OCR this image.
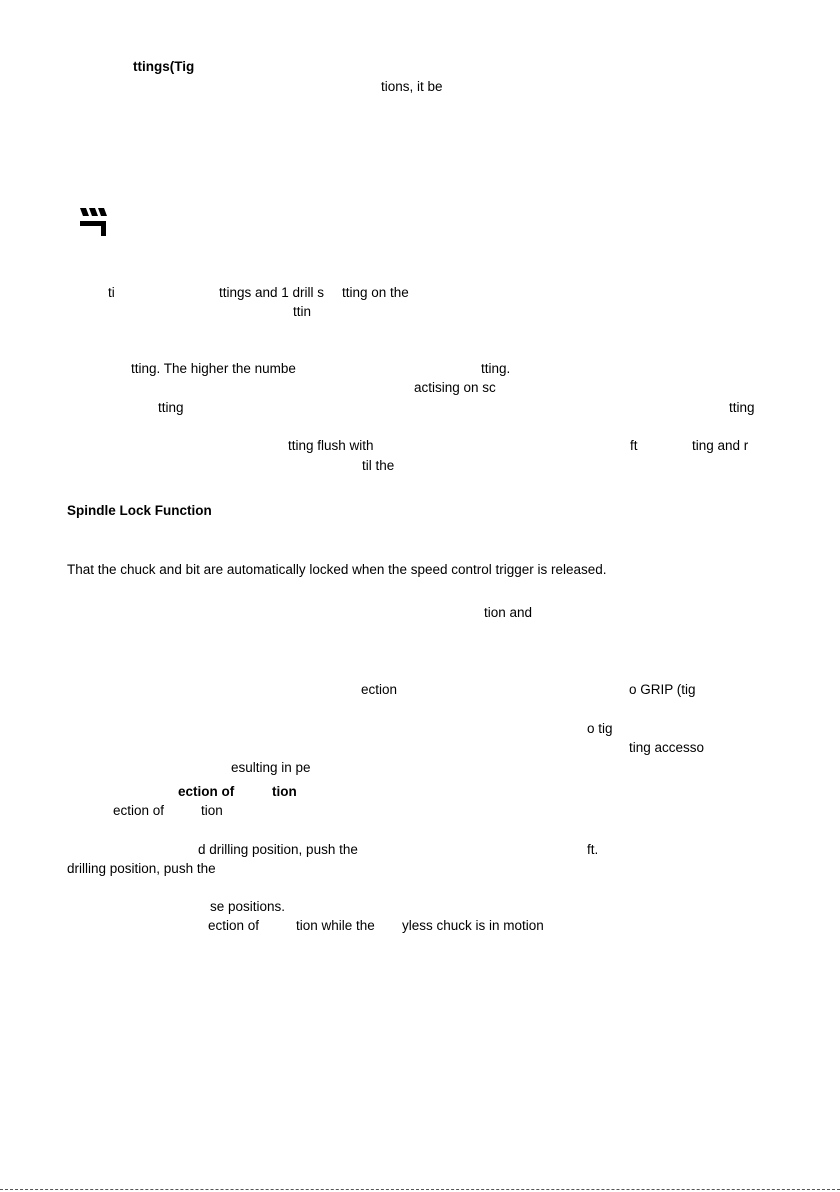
ttings(Tig
tions, it be
ti	ttings and 1 drill s tting on the
ttin
tting. The higher the numbe	tting.
actising on sc
tting	tting
tting flush with	ft	ting and r
til the
Spindle Lock Function
That the chuck and bit are automatically locked when the speed control trigger is released.
tion and
ection	o GRIP (tig
o tig
ting accesso
esulting in pe
ection of	tion
ection of	tion
d drilling position, push the	ft.
drilling position, push the
se positions.
ection of	tion while the yless chuck is in motion
